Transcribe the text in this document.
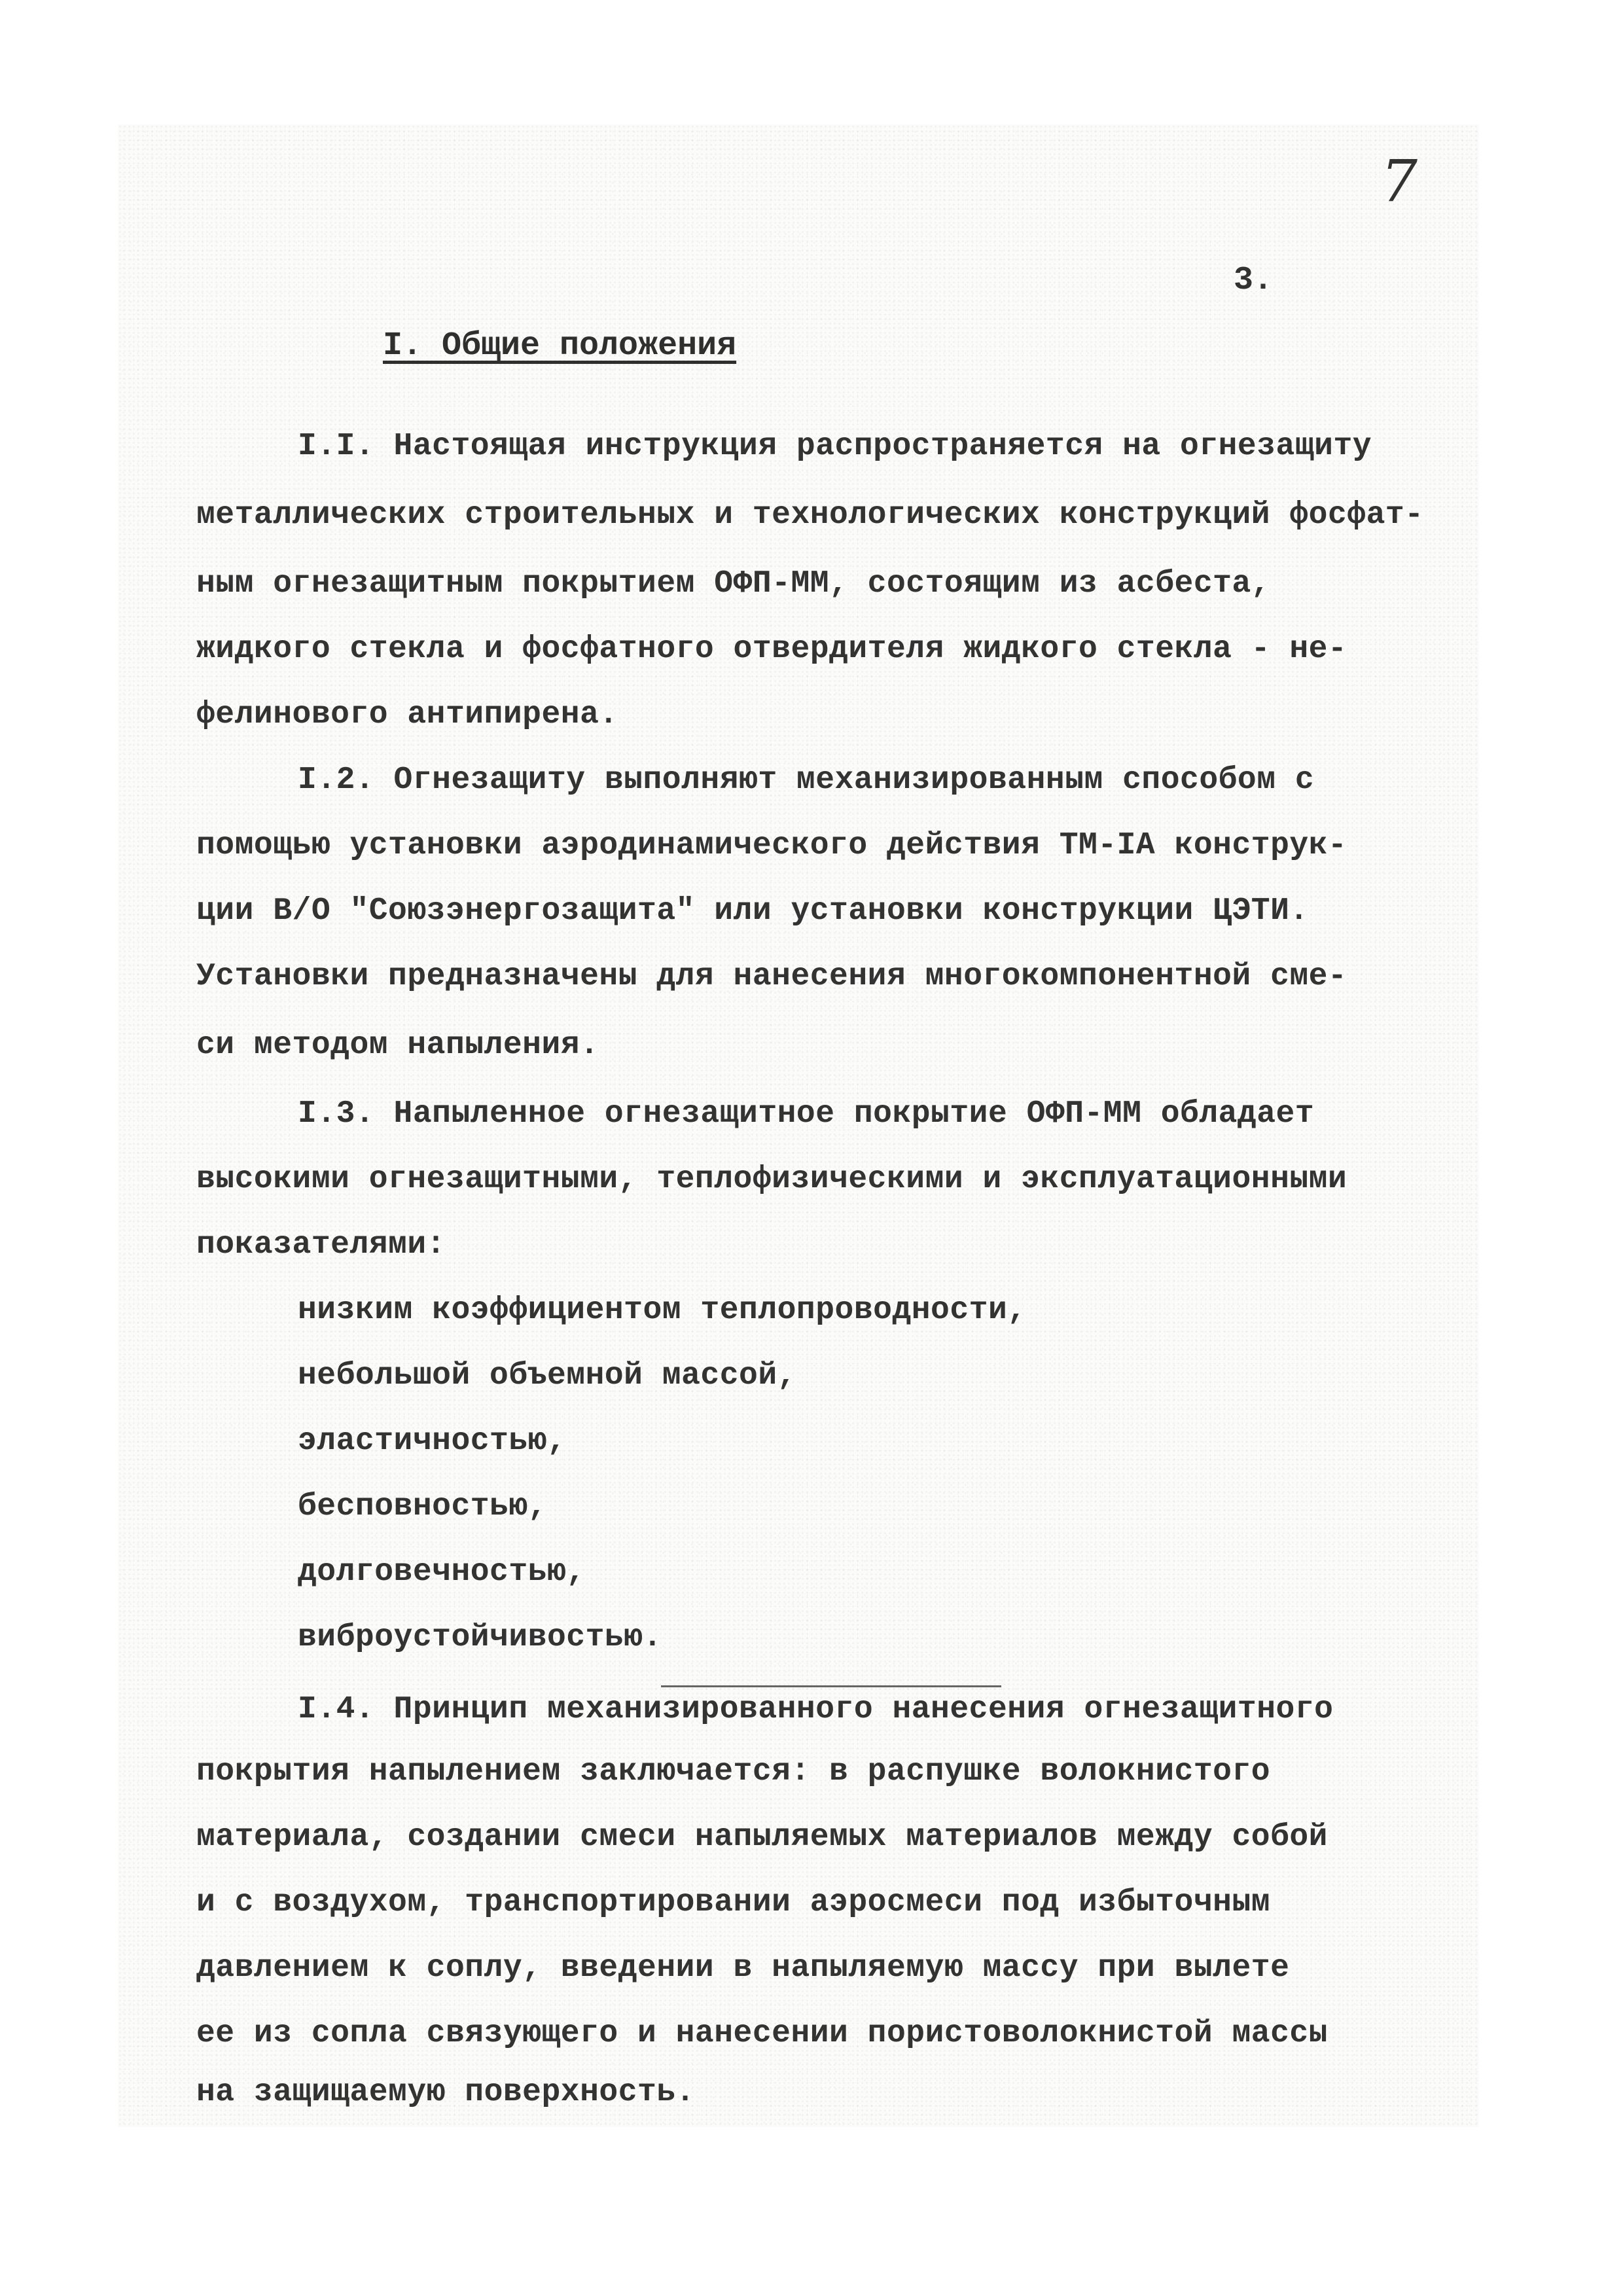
7
3.
I. Общие положения
I.I. Настоящая инструкция распространяется на огнезащиту
металлических строительных и технологических конструкций фосфат-
ным огнезащитным покрытием ОФП-ММ, состоящим из асбеста,
жидкого стекла и фосфатного отвердителя жидкого стекла - не-
фелинового антипирена.
I.2. Огнезащиту выполняют механизированным способом с
помощью установки аэродинамического действия ТМ-IА конструк-
ции В/О "Союзэнергозащита" или установки конструкции ЦЭТИ.
Установки предназначены для нанесения многокомпонентной сме-
си методом напыления.
I.3. Напыленное огнезащитное покрытие ОФП-ММ обладает
высокими огнезащитными, теплофизическими и эксплуатационными
показателями:
низким коэффициентом теплопроводности,
небольшой объемной массой,
эластичностью,
бесповностью,
долговечностью,
виброустойчивостью.
I.4. Принцип механизированного нанесения огнезащитного
покрытия напылением заключается: в распушке волокнистого
материала, создании смеси напыляемых материалов между собой
и с воздухом, транспортировании аэросмеси под избыточным
давлением к соплу, введении в напыляемую массу при вылете
ее из сопла связующего и нанесении пористоволокнистой массы
на защищаемую поверхность.
